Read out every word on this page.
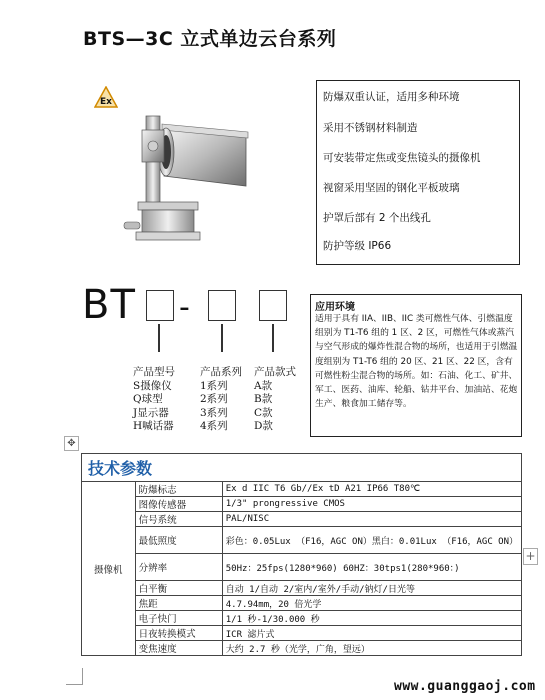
BTS—3C 立式单边云台系列
Ex	防爆双重认证，适用多种环境
采用不锈钢材料制造
可安装带定焦或变焦镜头的摄像机
视窗采用坚固的钢化平板玻璃
护罩后部有 2 个出线孔
防护等级 IP66
BT -
产品型号
S摄像仪
Q球型
J显示器
H喊话器
产品系列
1系列
2系列
3系列
4系列
产品款式
A款
B款
C款
D款
应用环境
适用于具有 IIA、IIB、IIC 类可燃性气体、引燃温度组别为 T1-T6 组的 1 区、2 区，可燃性气体或蒸汽与空气形成的爆炸性混合物的场所，也适用于引燃温度组别为 T1-T6 组的 20 区、21 区、22 区，含有可燃性粉尘混合物的场所。如：石油、化工、矿井、军工、医药、油库、轮船、钻井平台、加油站、花炮生产、粮食加工储存等。
✥
+
技术参数		
摄像机	防爆标志	Ex d IIC T6 Gb//Ex tD A21 IP66 T80℃
	图像传感器	1/3" prongressive CMOS
	信号系统	PAL/NISC
	最低照度	彩色：0.05Lux （F16，AGC ON）黑白：0.01Lux （F16，AGC ON）
	分辨率	50Hz：25fps(1280*960) 60HZ：30tps1(280*960：)
	白平衡	自动 1/自动 2/室内/室外/手动/钠灯/日光等
	焦距	4.7.94mm，20 倍光学
	电子快门	1/1 秒-1/30.000 秒
	日夜转换模式	ICR 滤片式
	变焦速度	大约 2.7 秒（光学，广角，望远）
www.guanggaoj.com
